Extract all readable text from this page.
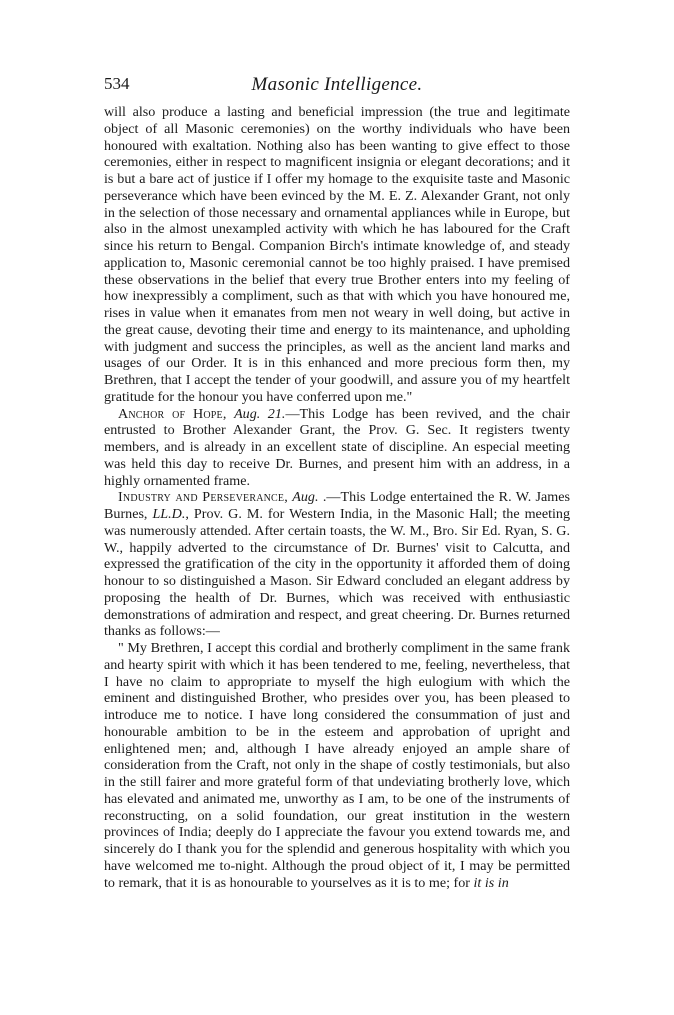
534	Masonic Intelligence.

will also produce a lasting and beneficial impression (the true and legitimate object of all Masonic ceremonies) on the worthy individuals who have been honoured with exaltation. Nothing also has been wanting to give effect to those ceremonies, either in respect to magnificent insignia or elegant decorations; and it is but a bare act of justice if I offer my homage to the exquisite taste and Masonic perseverance which have been evinced by the M. E. Z. Alexander Grant, not only in the selection of those necessary and ornamental appliances while in Europe, but also in the almost unexampled activity with which he has laboured for the Craft since his return to Bengal. Companion Birch's intimate knowledge of, and steady application to, Masonic ceremonial cannot be too highly praised. I have premised these observations in the belief that every true Brother enters into my feeling of how inexpressibly a compliment, such as that with which you have honoured me, rises in value when it emanates from men not weary in well doing, but active in the great cause, devoting their time and energy to its maintenance, and upholding with judgment and success the principles, as well as the ancient land marks and usages of our Order. It is in this enhanced and more precious form then, my Brethren, that I accept the tender of your goodwill, and assure you of my heartfelt gratitude for the honour you have conferred upon me."

Anchor of Hope, Aug. 21.—This Lodge has been revived, and the chair entrusted to Brother Alexander Grant, the Prov. G. Sec. It registers twenty members, and is already in an excellent state of discipline. An especial meeting was held this day to receive Dr. Burnes, and present him with an address, in a highly ornamented frame.

Industry and Perseverance, Aug. .—This Lodge entertained the R. W. James Burnes, LL.D., Prov. G. M. for Western India, in the Masonic Hall; the meeting was numerously attended. After certain toasts, the W. M., Bro. Sir Ed. Ryan, S. G. W., happily adverted to the circumstance of Dr. Burnes' visit to Calcutta, and expressed the gratification of the city in the opportunity it afforded them of doing honour to so distinguished a Mason. Sir Edward concluded an elegant address by proposing the health of Dr. Burnes, which was received with enthusiastic demonstrations of admiration and respect, and great cheering. Dr. Burnes returned thanks as follows:—

" My Brethren, I accept this cordial and brotherly compliment in the same frank and hearty spirit with which it has been tendered to me, feeling, nevertheless, that I have no claim to appropriate to myself the high eulogium with which the eminent and distinguished Brother, who presides over you, has been pleased to introduce me to notice. I have long considered the consummation of just and honourable ambition to be in the esteem and approbation of upright and enlightened men; and, although I have already enjoyed an ample share of consideration from the Craft, not only in the shape of costly testimonials, but also in the still fairer and more grateful form of that undeviating brotherly love, which has elevated and animated me, unworthy as I am, to be one of the instruments of reconstructing, on a solid foundation, our great institution in the western provinces of India; deeply do I appreciate the favour you extend towards me, and sincerely do I thank you for the splendid and generous hospitality with which you have welcomed me to-night. Although the proud object of it, I may be permitted to remark, that it is as honourable to yourselves as it is to me; for it is in
